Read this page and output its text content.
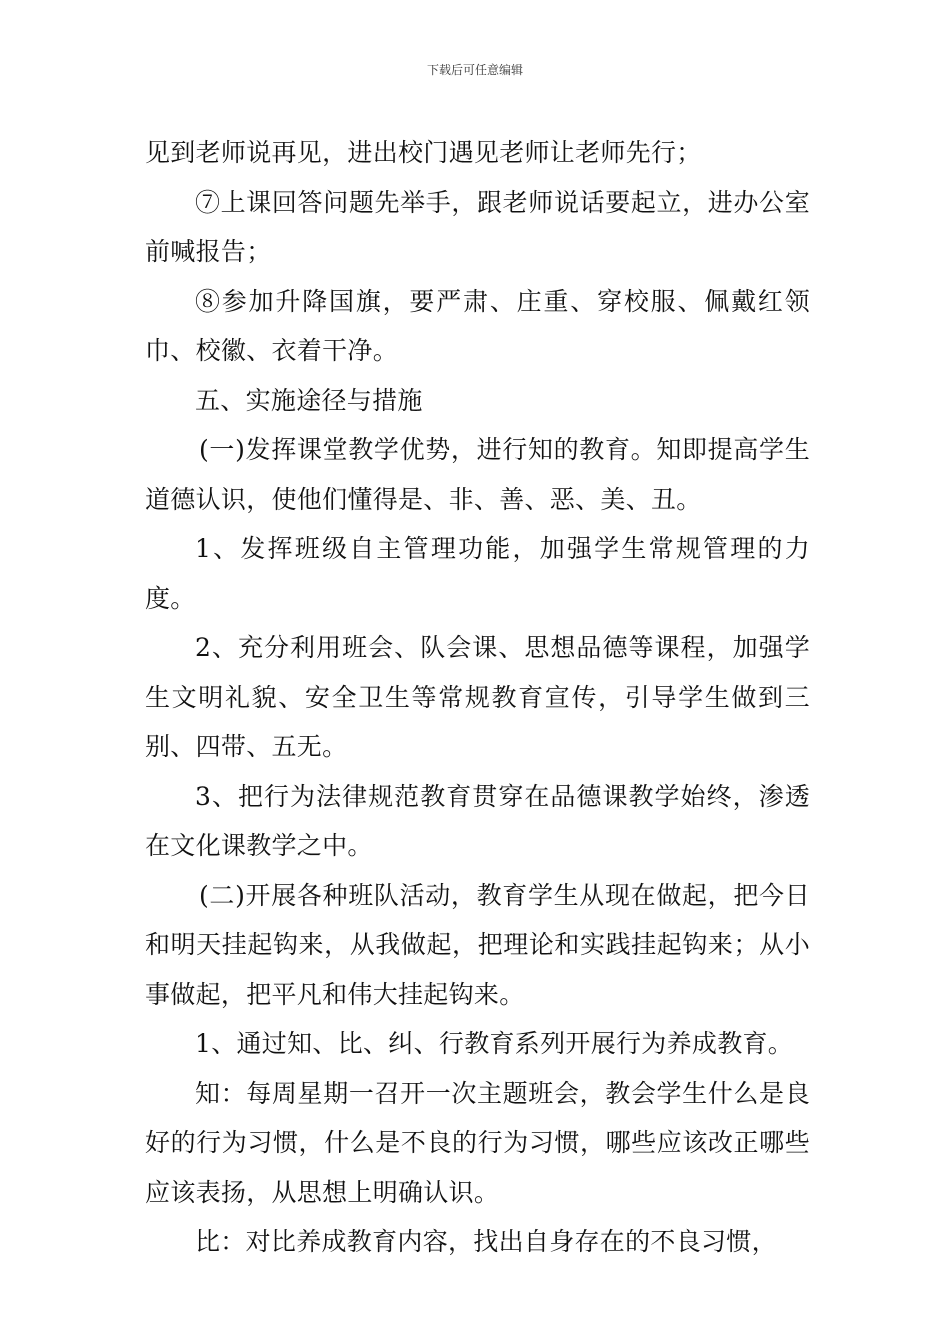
下载后可任意编辑

见到老师说再见，进出校门遇见老师让老师先行；

⑦上课回答问题先举手，跟老师说话要起立，进办公室前喊报告；

⑧参加升降国旗，要严肃、庄重、穿校服、佩戴红领巾、校徽、衣着干净。

五、实施途径与措施

(一)发挥课堂教学优势，进行知的教育。知即提高学生道德认识，使他们懂得是、非、善、恶、美、丑。

1、发挥班级自主管理功能，加强学生常规管理的力度。

2、充分利用班会、队会课、思想品德等课程，加强学生文明礼貌、安全卫生等常规教育宣传，引导学生做到三别、四带、五无。

3、把行为法律规范教育贯穿在品德课教学始终，渗透在文化课教学之中。

(二)开展各种班队活动，教育学生从现在做起，把今日和明天挂起钩来，从我做起，把理论和实践挂起钩来；从小事做起，把平凡和伟大挂起钩来。

1、通过知、比、纠、行教育系列开展行为养成教育。

知：每周星期一召开一次主题班会，教会学生什么是良好的行为习惯，什么是不良的行为习惯，哪些应该改正哪些应该表扬，从思想上明确认识。

比：对比养成教育内容，找出自身存在的不良习惯，
